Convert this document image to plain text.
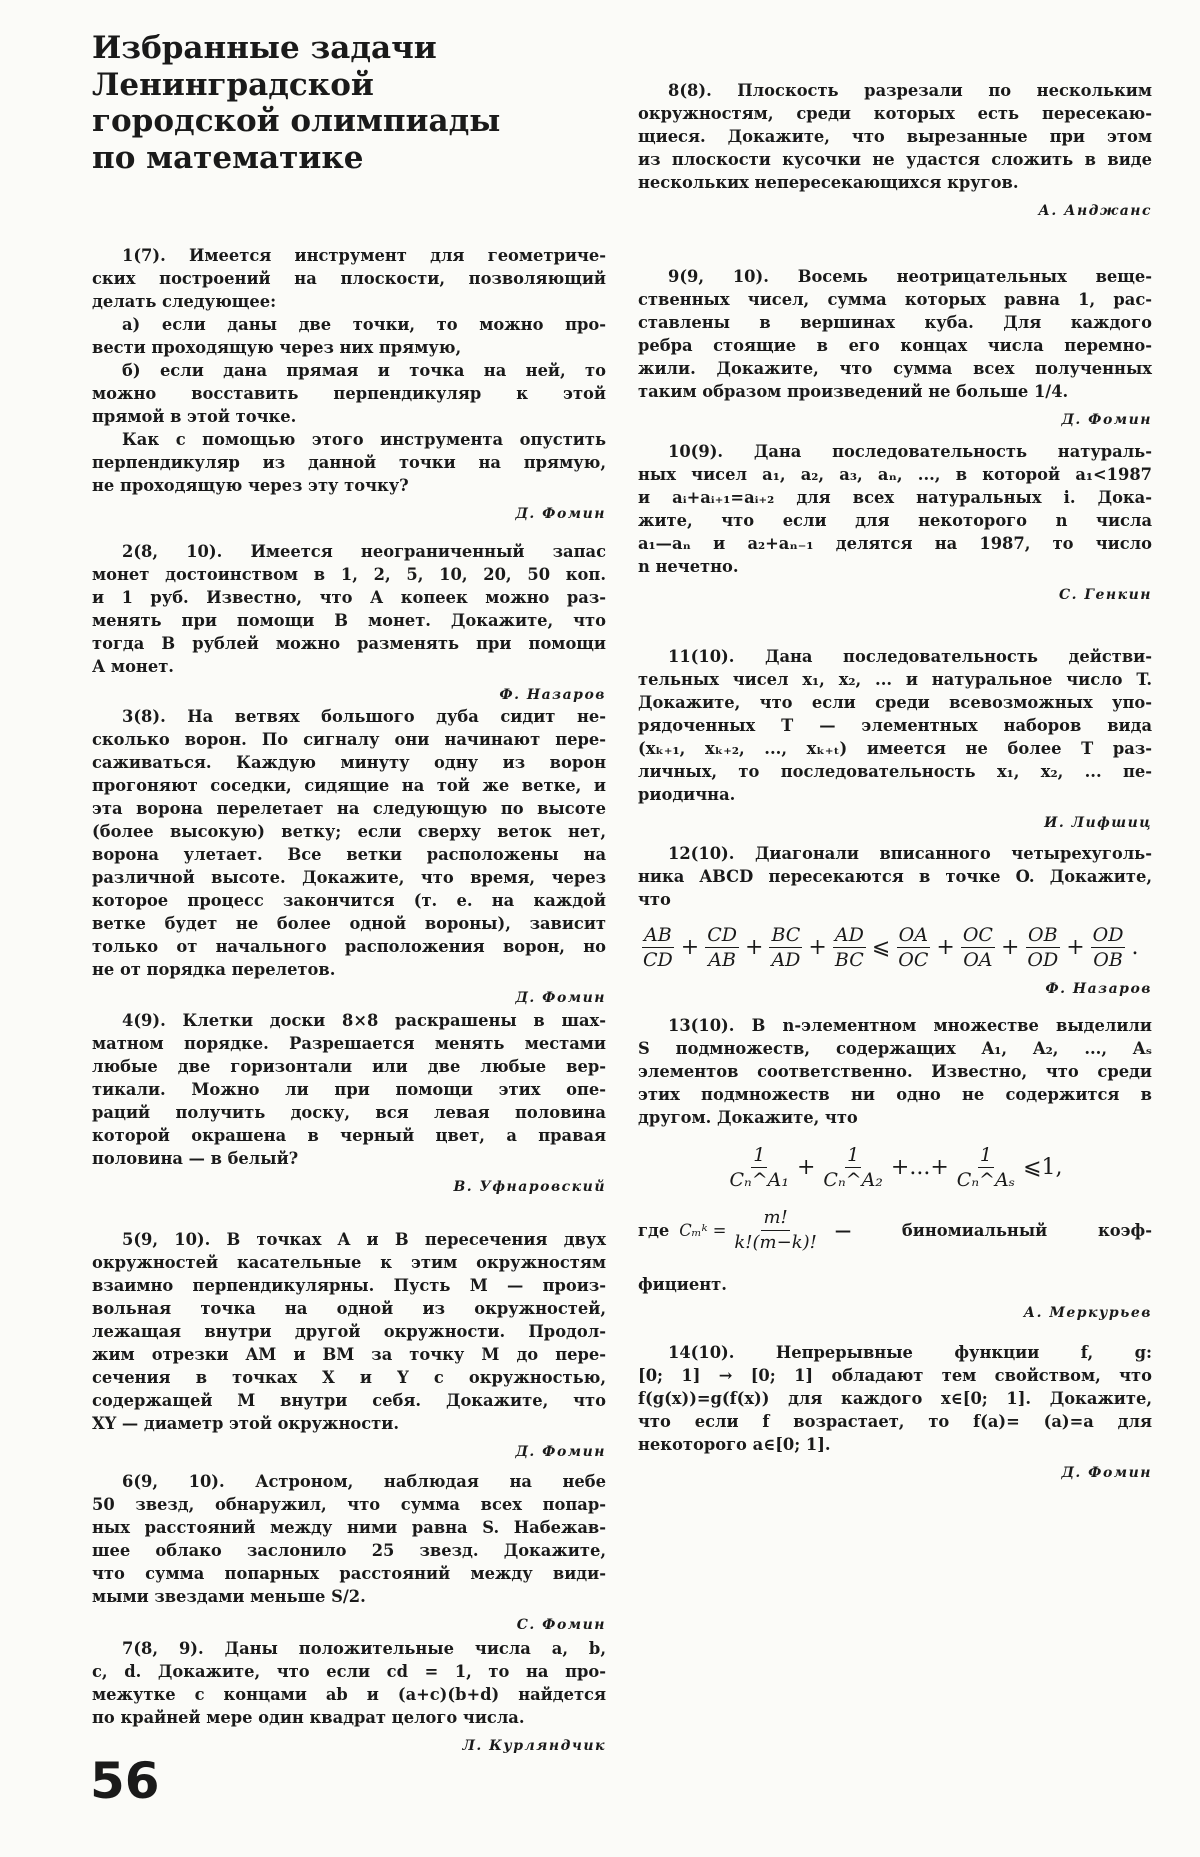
Избранные задачи
Ленинградской
городской олимпиады
по математике
1(7). Имеется инструмент для геометриче-
ских построений на плоскости, позволяющий
делать следующее:
а) если даны две точки, то можно про-
вести проходящую через них прямую,
б) если дана прямая и точка на ней, то
можно восставить перпендикуляр к этой
прямой в этой точке.
Как с помощью этого инструмента опустить
перпендикуляр из данной точки на прямую,
не проходящую через эту точку?
Д. Фомин
2(8, 10). Имеется неограниченный запас
монет достоинством в 1, 2, 5, 10, 20, 50 коп.
и 1 руб. Известно, что А копеек можно раз-
менять при помощи В монет. Докажите, что
тогда В рублей можно разменять при помощи
А монет.
Ф. Назаров
3(8). На ветвях большого дуба сидит не-
сколько ворон. По сигналу они начинают пере-
саживаться. Каждую минуту одну из ворон
прогоняют соседки, сидящие на той же ветке, и
эта ворона перелетает на следующую по высоте
(более высокую) ветку; если сверху веток нет,
ворона улетает. Все ветки расположены на
различной высоте. Докажите, что время, через
которое процесс закончится (т. е. на каждой
ветке будет не более одной вороны), зависит
только от начального расположения ворон, но
не от порядка перелетов.
Д. Фомин
4(9). Клетки доски 8×8 раскрашены в шах-
матном порядке. Разрешается менять местами
любые две горизонтали или две любые вер-
тикали. Можно ли при помощи этих опе-
раций получить доску, вся левая половина
которой окрашена в черный цвет, а правая
половина — в белый?
В. Уфнаровский
5(9, 10). В точках A и B пересечения двух
окружностей касательные к этим окружностям
взаимно перпендикулярны. Пусть M — произ-
вольная точка на одной из окружностей,
лежащая внутри другой окружности. Продол-
жим отрезки AM и BM за точку M до пере-
сечения в точках X и Y с окружностью,
содержащей M внутри себя. Докажите, что
XY — диаметр этой окружности.
Д. Фомин
6(9, 10). Астроном, наблюдая на небе
50 звезд, обнаружил, что сумма всех попар-
ных расстояний между ними равна S. Набежав-
шее облако заслонило 25 звезд. Докажите,
что сумма попарных расстояний между види-
мыми звездами меньше S/2.
С. Фомин
7(8, 9). Даны положительные числа a, b,
c, d. Докажите, что если cd = 1, то на про-
межутке с концами ab и (a+c)(b+d) найдется
по крайней мере один квадрат целого числа.
Л. Курляндчик
8(8). Плоскость разрезали по нескольким
окружностям, среди которых есть пересекаю-
щиеся. Докажите, что вырезанные при этом
из плоскости кусочки не удастся сложить в виде
нескольких непересекающихся кругов.
А. Анджанс
9(9, 10). Восемь неотрицательных веще-
ственных чисел, сумма которых равна 1, рас-
ставлены в вершинах куба. Для каждого
ребра стоящие в его концах числа перемно-
жили. Докажите, что сумма всех полученных
таким образом произведений не больше 1/4.
Д. Фомин
10(9). Дана последовательность натураль-
ных чисел a₁, a₂, a₃, aₙ, ..., в которой a₁<1987
и aᵢ+aᵢ₊₁=aᵢ₊₂ для всех натуральных i. Дока-
жите, что если для некоторого n числа
a₁—aₙ и a₂+aₙ₋₁ делятся на 1987, то число
n нечетно.
С. Генкин
11(10). Дана последовательность действи-
тельных чисел x₁, x₂, ... и натуральное число T.
Докажите, что если среди всевозможных упо-
рядоченных T — элементных наборов вида
(xₖ₊₁, xₖ₊₂, ..., xₖ₊ₜ) имеется не более T раз-
личных, то последовательность x₁, x₂, ... пе-
риодична.
И. Лифшиц
12(10). Диагонали вписанного четырехуголь-
ника ABCD пересекаются в точке O. Докажите,
что
$\frac{AB}{CD} + \frac{CD}{AB} + \frac{BC}{AD} + \frac{AD}{BC}$ ⩽ $\frac{OA}{OC} + \frac{OC}{OA} + \frac{OB}{OD} + \frac{OD}{OB}$ .
Ф. Назаров
13(10). В n-элементном множестве выделили
S подмножеств, содержащих A₁, A₂, ..., Aₛ
элементов соответственно. Известно, что среди
этих подмножеств ни одно не содержится в
другом. Докажите, что
$\frac{1}{\text{Cₙ\textasciicircum{}A₁}} + \frac{1}{\text{Cₙ\textasciicircum{}A₂}}$ +...+ $\frac{1}{\text{Cₙ\textasciicircum{}Aₛ}}$ ⩽1,
где Cₘᵏ = $\frac{m!}{k!(m-k)!}$ — биномиальный коэф-
фициент.
А. Меркурьев
14(10). Непрерывные функции f, g:
[0; 1] → [0; 1] обладают тем свойством, что
f(g(x))=g(f(x)) для каждого x∈[0; 1]. Докажите,
что если f возрастает, то f(a)= (a)=a для
некоторого a∈[0; 1].
Д. Фомин
56
